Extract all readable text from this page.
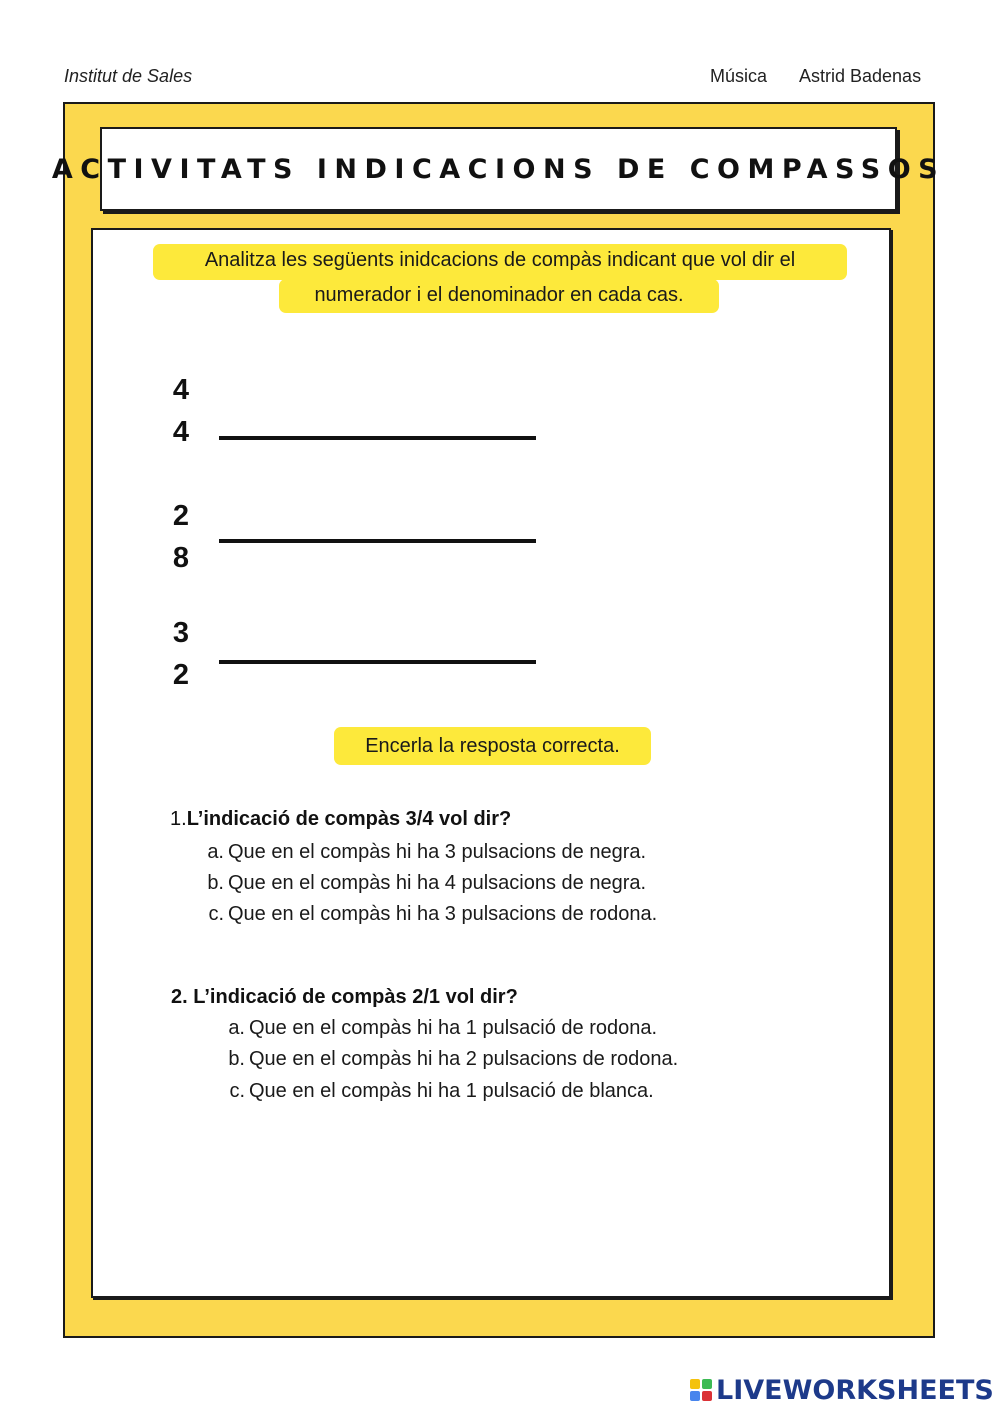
Institut de Sales	Música Astrid Badenas
ACTIVITATS INDICACIONS DE COMPASSOS
Analitza les següents inidcacions de compàs indicant que vol dir el
numerador i el denominador en cada cas.
4
4
2
8
3
2
Encerla la resposta correcta.
1.L’indicació de compàs 3/4 vol dir?
a. Que en el compàs hi ha 3 pulsacions de negra.
b. Que en el compàs hi ha 4 pulsacions de negra.
c. Que en el compàs hi ha 3 pulsacions de rodona.
2. L’indicació de compàs 2/1 vol dir?
a. Que en el compàs hi ha 1 pulsació de rodona.
b. Que en el compàs hi ha 2 pulsacions de rodona.
c. Que en el compàs hi ha 1 pulsació de blanca.
LIVEWORKSHEETS
